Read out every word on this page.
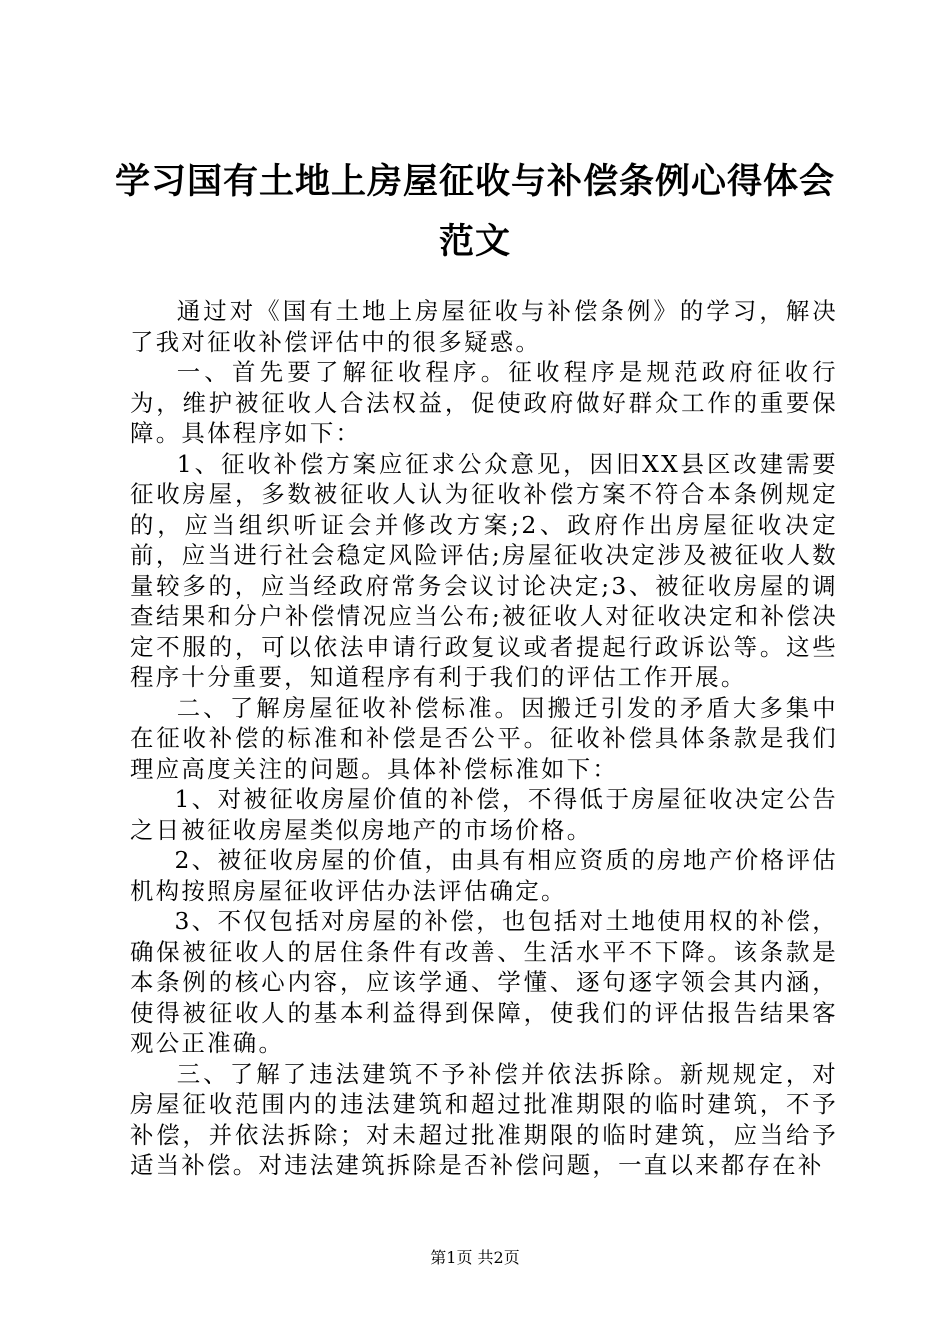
学习国有土地上房屋征收与补偿条例心得体会
范文

通过对《国有土地上房屋征收与补偿条例》的学习，解决了我对征收补偿评估中的很多疑惑。

一、首先要了解征收程序。征收程序是规范政府征收行为，维护被征收人合法权益，促使政府做好群众工作的重要保障。具体程序如下：

1、征收补偿方案应征求公众意见，因旧XX县区改建需要征收房屋，多数被征收人认为征收补偿方案不符合本条例规定的，应当组织听证会并修改方案;2、政府作出房屋征收决定前，应当进行社会稳定风险评估;房屋征收决定涉及被征收人数量较多的，应当经政府常务会议讨论决定;3、被征收房屋的调查结果和分户补偿情况应当公布;被征收人对征收决定和补偿决定不服的，可以依法申请行政复议或者提起行政诉讼等。这些程序十分重要，知道程序有利于我们的评估工作开展。

二、了解房屋征收补偿标准。因搬迁引发的矛盾大多集中在征收补偿的标准和补偿是否公平。征收补偿具体条款是我们理应高度关注的问题。具体补偿标准如下：

1、对被征收房屋价值的补偿，不得低于房屋征收决定公告之日被征收房屋类似房地产的市场价格。

2、被征收房屋的价值，由具有相应资质的房地产价格评估机构按照房屋征收评估办法评估确定。

3、不仅包括对房屋的补偿，也包括对土地使用权的补偿，确保被征收人的居住条件有改善、生活水平不下降。该条款是本条例的核心内容，应该学通、学懂、逐句逐字领会其内涵，使得被征收人的基本利益得到保障，使我们的评估报告结果客观公正准确。

三、了解了违法建筑不予补偿并依法拆除。新规规定，对房屋征收范围内的违法建筑和超过批准期限的临时建筑，不予补偿，并依法拆除；对未超过批准期限的临时建筑，应当给予适当补偿。对违法建筑拆除是否补偿问题，一直以来都存在补

第1页 共2页
